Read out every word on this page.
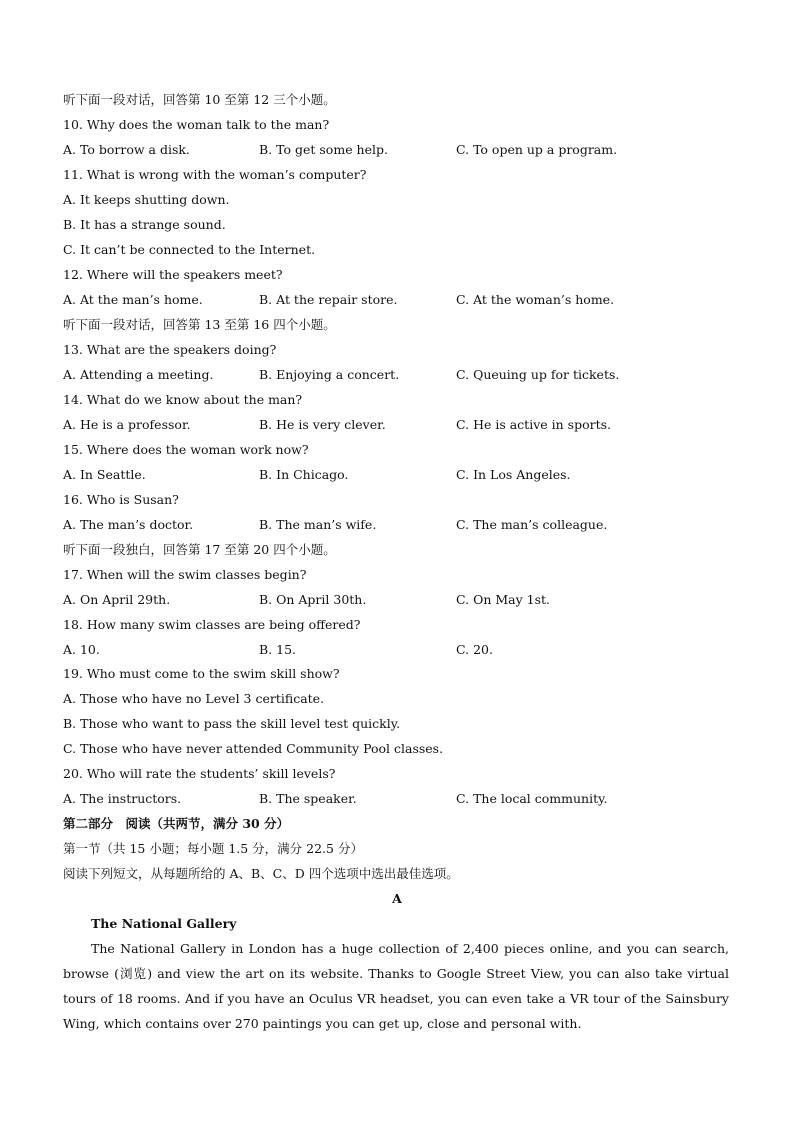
听下面一段对话，回答第 10 至第 12 三个小题。
10. Why does the woman talk to the man?
A. To borrow a disk.	B. To get some help.	C. To open up a program.
11. What is wrong with the woman’s computer?
A. It keeps shutting down.
B. It has a strange sound.
C. It can’t be connected to the Internet.
12. Where will the speakers meet?
A. At the man’s home.	B. At the repair store.	C. At the woman’s home.
听下面一段对话，回答第 13 至第 16 四个小题。
13. What are the speakers doing?
A. Attending a meeting.	B. Enjoying a concert.	C. Queuing up for tickets.
14. What do we know about the man?
A. He is a professor.	B. He is very clever.	C. He is active in sports.
15. Where does the woman work now?
A. In Seattle.	B. In Chicago.	C. In Los Angeles.
16. Who is Susan?
A. The man’s doctor.	B. The man’s wife.	C. The man’s colleague.
听下面一段独白，回答第 17 至第 20 四个小题。
17. When will the swim classes begin?
A. On April 29th.	B. On April 30th.	C. On May 1st.
18. How many swim classes are being offered?
A. 10.	B. 15.	C. 20.
19. Who must come to the swim skill show?
A. Those who have no Level 3 certificate.
B. Those who want to pass the skill level test quickly.
C. Those who have never attended Community Pool classes.
20. Who will rate the students’ skill levels?
A. The instructors.	B. The speaker.	C. The local community.
第二部分　阅读（共两节，满分 30 分）
第一节（共 15 小题；每小题 1.5 分，满分 22.5 分）
阅读下列短文，从每题所给的 A、B、C、D 四个选项中选出最佳选项。
A
The National Gallery
The National Gallery in London has a huge collection of 2,400 pieces online, and you can search, browse (浏览) and view the art on its website. Thanks to Google Street View, you can also take virtual tours of 18 rooms. And if you have an Oculus VR headset, you can even take a VR tour of the Sainsbury Wing, which contains over 270 paintings you can get up, close and personal with.
